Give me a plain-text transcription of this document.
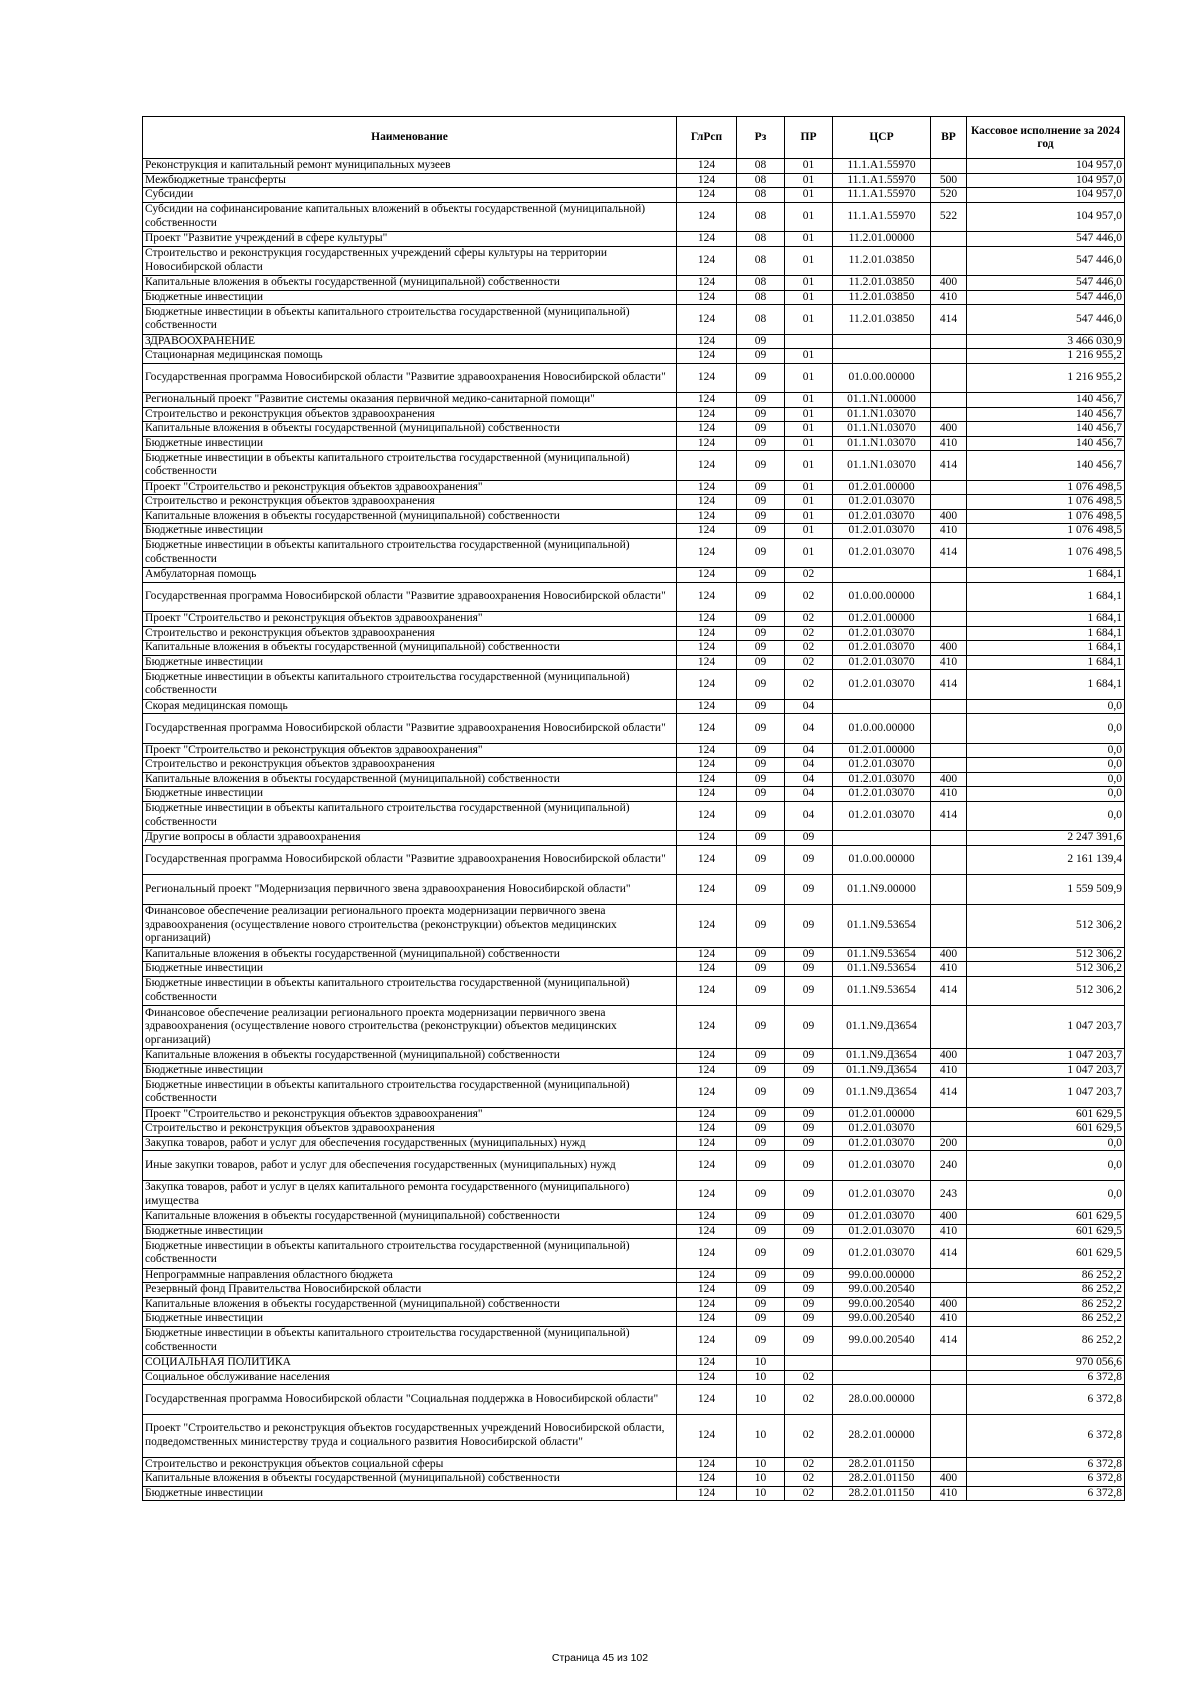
Наименование	ГлРсп	Рз	ПР	ЦСР	ВР	Кассовое исполнение за 2024 год
Реконструкция и капитальный ремонт муниципальных музеев	124	08	01	11.1.A1.55970		104 957,0
Межбюджетные трансферты	124	08	01	11.1.A1.55970	500	104 957,0
Субсидии	124	08	01	11.1.A1.55970	520	104 957,0
Субсидии на софинансирование капитальных вложений в объекты государственной (муниципальной) собственности	124	08	01	11.1.A1.55970	522	104 957,0
Проект "Развитие учреждений в сфере культуры"	124	08	01	11.2.01.00000		547 446,0
Строительство и реконструкция государственных учреждений сферы культуры на территории Новосибирской области	124	08	01	11.2.01.03850		547 446,0
Капитальные вложения в объекты государственной (муниципальной) собственности	124	08	01	11.2.01.03850	400	547 446,0
Бюджетные инвестиции	124	08	01	11.2.01.03850	410	547 446,0
Бюджетные инвестиции в объекты капитального строительства государственной (муниципальной) собственности	124	08	01	11.2.01.03850	414	547 446,0
ЗДРАВООХРАНЕНИЕ	124	09				3 466 030,9
Стационарная медицинская помощь	124	09	01			1 216 955,2
Государственная программа Новосибирской области "Развитие здравоохранения Новосибирской области"	124	09	01	01.0.00.00000		1 216 955,2
Региональный проект "Развитие системы оказания первичной медико-санитарной помощи"	124	09	01	01.1.N1.00000		140 456,7
Строительство и реконструкция объектов здравоохранения	124	09	01	01.1.N1.03070		140 456,7
Капитальные вложения в объекты государственной (муниципальной) собственности	124	09	01	01.1.N1.03070	400	140 456,7
Бюджетные инвестиции	124	09	01	01.1.N1.03070	410	140 456,7
Бюджетные инвестиции в объекты капитального строительства государственной (муниципальной) собственности	124	09	01	01.1.N1.03070	414	140 456,7
Проект "Строительство и реконструкция объектов здравоохранения"	124	09	01	01.2.01.00000		1 076 498,5
Строительство и реконструкция объектов здравоохранения	124	09	01	01.2.01.03070		1 076 498,5
Капитальные вложения в объекты государственной (муниципальной) собственности	124	09	01	01.2.01.03070	400	1 076 498,5
Бюджетные инвестиции	124	09	01	01.2.01.03070	410	1 076 498,5
Бюджетные инвестиции в объекты капитального строительства государственной (муниципальной) собственности	124	09	01	01.2.01.03070	414	1 076 498,5
Амбулаторная помощь	124	09	02			1 684,1
Государственная программа Новосибирской области "Развитие здравоохранения Новосибирской области"	124	09	02	01.0.00.00000		1 684,1
Проект "Строительство и реконструкция объектов здравоохранения"	124	09	02	01.2.01.00000		1 684,1
Строительство и реконструкция объектов здравоохранения	124	09	02	01.2.01.03070		1 684,1
Капитальные вложения в объекты государственной (муниципальной) собственности	124	09	02	01.2.01.03070	400	1 684,1
Бюджетные инвестиции	124	09	02	01.2.01.03070	410	1 684,1
Бюджетные инвестиции в объекты капитального строительства государственной (муниципальной) собственности	124	09	02	01.2.01.03070	414	1 684,1
Скорая медицинская помощь	124	09	04			0,0
Государственная программа Новосибирской области "Развитие здравоохранения Новосибирской области"	124	09	04	01.0.00.00000		0,0
Проект "Строительство и реконструкция объектов здравоохранения"	124	09	04	01.2.01.00000		0,0
Строительство и реконструкция объектов здравоохранения	124	09	04	01.2.01.03070		0,0
Капитальные вложения в объекты государственной (муниципальной) собственности	124	09	04	01.2.01.03070	400	0,0
Бюджетные инвестиции	124	09	04	01.2.01.03070	410	0,0
Бюджетные инвестиции в объекты капитального строительства государственной (муниципальной) собственности	124	09	04	01.2.01.03070	414	0,0
Другие вопросы в области здравоохранения	124	09	09			2 247 391,6
Государственная программа Новосибирской области "Развитие здравоохранения Новосибирской области"	124	09	09	01.0.00.00000		2 161 139,4
Региональный проект "Модернизация первичного звена здравоохранения Новосибирской области"	124	09	09	01.1.N9.00000		1 559 509,9
Финансовое обеспечение реализации регионального проекта модернизации первичного звена здравоохранения (осуществление нового строительства (реконструкции) объектов медицинских организаций)	124	09	09	01.1.N9.53654		512 306,2
Капитальные вложения в объекты государственной (муниципальной) собственности	124	09	09	01.1.N9.53654	400	512 306,2
Бюджетные инвестиции	124	09	09	01.1.N9.53654	410	512 306,2
Бюджетные инвестиции в объекты капитального строительства государственной (муниципальной) собственности	124	09	09	01.1.N9.53654	414	512 306,2
Финансовое обеспечение реализации регионального проекта модернизации первичного звена здравоохранения (осуществление нового строительства (реконструкции) объектов медицинских организаций)	124	09	09	01.1.N9.Д3654		1 047 203,7
Капитальные вложения в объекты государственной (муниципальной) собственности	124	09	09	01.1.N9.Д3654	400	1 047 203,7
Бюджетные инвестиции	124	09	09	01.1.N9.Д3654	410	1 047 203,7
Бюджетные инвестиции в объекты капитального строительства государственной (муниципальной) собственности	124	09	09	01.1.N9.Д3654	414	1 047 203,7
Проект "Строительство и реконструкция объектов здравоохранения"	124	09	09	01.2.01.00000		601 629,5
Строительство и реконструкция объектов здравоохранения	124	09	09	01.2.01.03070		601 629,5
Закупка товаров, работ и услуг для обеспечения государственных (муниципальных) нужд	124	09	09	01.2.01.03070	200	0,0
Иные закупки товаров, работ и услуг для обеспечения государственных (муниципальных) нужд	124	09	09	01.2.01.03070	240	0,0
Закупка товаров, работ и услуг в целях капитального ремонта государственного (муниципального) имущества	124	09	09	01.2.01.03070	243	0,0
Капитальные вложения в объекты государственной (муниципальной) собственности	124	09	09	01.2.01.03070	400	601 629,5
Бюджетные инвестиции	124	09	09	01.2.01.03070	410	601 629,5
Бюджетные инвестиции в объекты капитального строительства государственной (муниципальной) собственности	124	09	09	01.2.01.03070	414	601 629,5
Непрограммные направления областного бюджета	124	09	09	99.0.00.00000		86 252,2
Резервный фонд Правительства Новосибирской области	124	09	09	99.0.00.20540		86 252,2
Капитальные вложения в объекты государственной (муниципальной) собственности	124	09	09	99.0.00.20540	400	86 252,2
Бюджетные инвестиции	124	09	09	99.0.00.20540	410	86 252,2
Бюджетные инвестиции в объекты капитального строительства государственной (муниципальной) собственности	124	09	09	99.0.00.20540	414	86 252,2
СОЦИАЛЬНАЯ ПОЛИТИКА	124	10				970 056,6
Социальное обслуживание населения	124	10	02			6 372,8
Государственная программа Новосибирской области "Социальная поддержка в Новосибирской области"	124	10	02	28.0.00.00000		6 372,8
Проект "Строительство и реконструкция объектов государственных учреждений Новосибирской области, подведомственных министерству труда и социального развития Новосибирской области"	124	10	02	28.2.01.00000		6 372,8
Строительство и реконструкция объектов социальной сферы	124	10	02	28.2.01.01150		6 372,8
Капитальные вложения в объекты государственной (муниципальной) собственности	124	10	02	28.2.01.01150	400	6 372,8
Бюджетные инвестиции	124	10	02	28.2.01.01150	410	6 372,8
Страница 45 из 102
